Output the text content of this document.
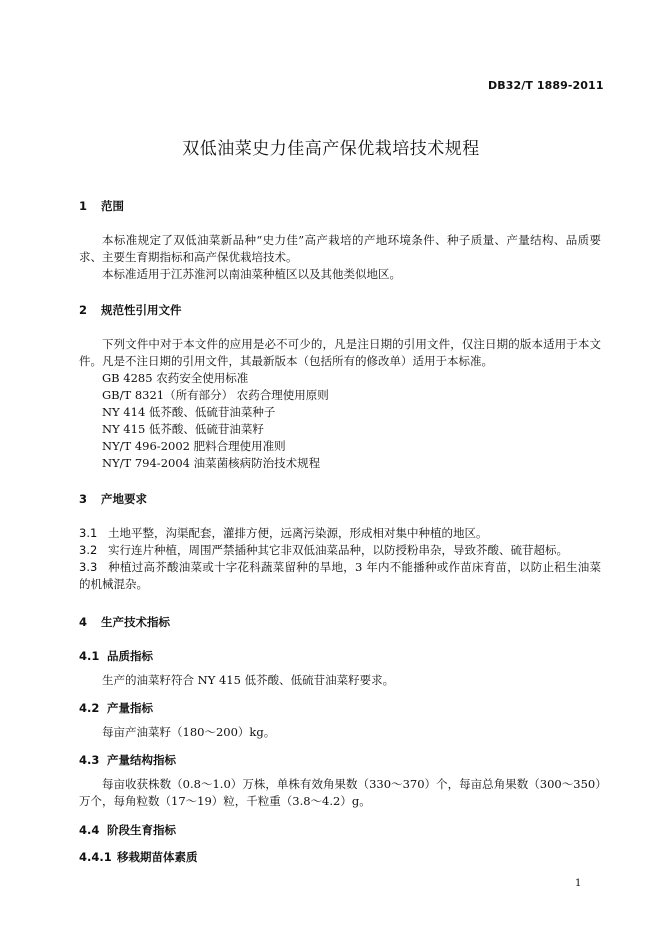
DB32/T 1889-2011
双低油菜史力佳高产保优栽培技术规程
1 范围
本标准规定了双低油菜新品种“史力佳”高产栽培的产地环境条件、种子质量、产量结构、品质要求、主要生育期指标和高产保优栽培技术。
本标准适用于江苏淮河以南油菜种植区以及其他类似地区。
2 规范性引用文件
下列文件中对于本文件的应用是必不可少的，凡是注日期的引用文件，仅注日期的版本适用于本文件。凡是不注日期的引用文件，其最新版本（包括所有的修改单）适用于本标准。
GB 4285 农药安全使用标准
GB/T 8321（所有部分） 农药合理使用原则
NY 414 低芥酸、低硫苷油菜种子
NY 415 低芥酸、低硫苷油菜籽
NY/T 496-2002 肥料合理使用准则
NY/T 794-2004 油菜菌核病防治技术规程
3 产地要求
3.1 土地平整，沟渠配套，灌排方便，远离污染源，形成相对集中种植的地区。
3.2 实行连片种植，周围严禁插种其它非双低油菜品种，以防授粉串杂，导致芥酸、硫苷超标。
3.3 种植过高芥酸油菜或十字花科蔬菜留种的旱地，3 年内不能播种或作苗床育苗，以防止稆生油菜的机械混杂。
4 生产技术指标
4.1 品质指标
生产的油菜籽符合 NY 415 低芥酸、低硫苷油菜籽要求。
4.2 产量指标
每亩产油菜籽（180～200）kg。
4.3 产量结构指标
每亩收获株数（0.8～1.0）万株，单株有效角果数（330～370）个，每亩总角果数（300～350）万个，每角粒数（17～19）粒，千粒重（3.8～4.2）g。
4.4 阶段生育指标
4.4.1 移栽期苗体素质
1
